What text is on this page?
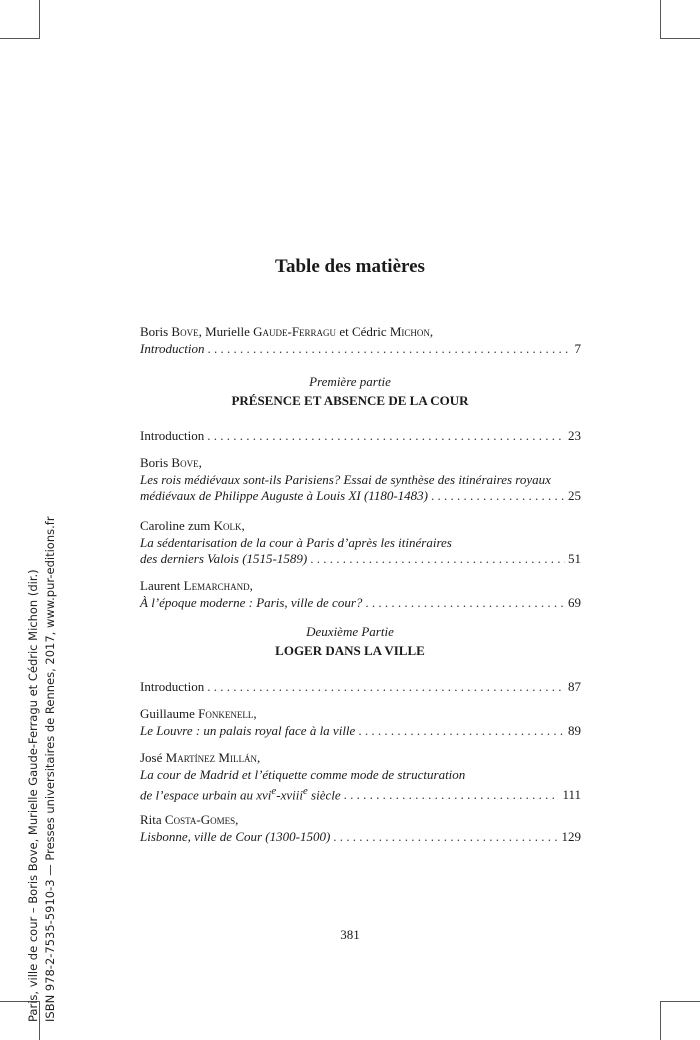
Table des matières
Boris Bove, Murielle Gaude-Ferragu et Cédric Michon,
Introduction . . .	7
Première partie
PRÉSENCE ET ABSENCE DE LA COUR
Introduction . . .	23
Boris Bove,
Les rois médiévaux sont-ils Parisiens? Essai de synthèse des itinéraires royaux
médiévaux de Philippe Auguste à Louis XI (1180-1483) . . .	25
Caroline zum Kolk,
La sédentarisation de la cour à Paris d’après les itinéraires
des derniers Valois (1515-1589) . . .	51
Laurent Lemarchand,
À l’époque moderne : Paris, ville de cour? . . .	69
Deuxième Partie
LOGER DANS LA VILLE
Introduction . . .	87
Guillaume Fonkenell,
Le Louvre : un palais royal face à la ville . . .	89
José Martínez Millán,
La cour de Madrid et l’étiquette comme mode de structuration
de l’espace urbain au xvi$^e$-xviii$^e$ siècle . . .	111
Rita Costa-Gomes,
Lisbonne, ville de Cour (1300-1500) . . .	129
381
Paris, ville de cour – Boris Bove, Murielle Gaude-Ferragu et Cédric Michon (dir.) ISBN 978-2-7535-5910-3 — Presses universitaires de Rennes, 2017, www.pur-editions.fr
